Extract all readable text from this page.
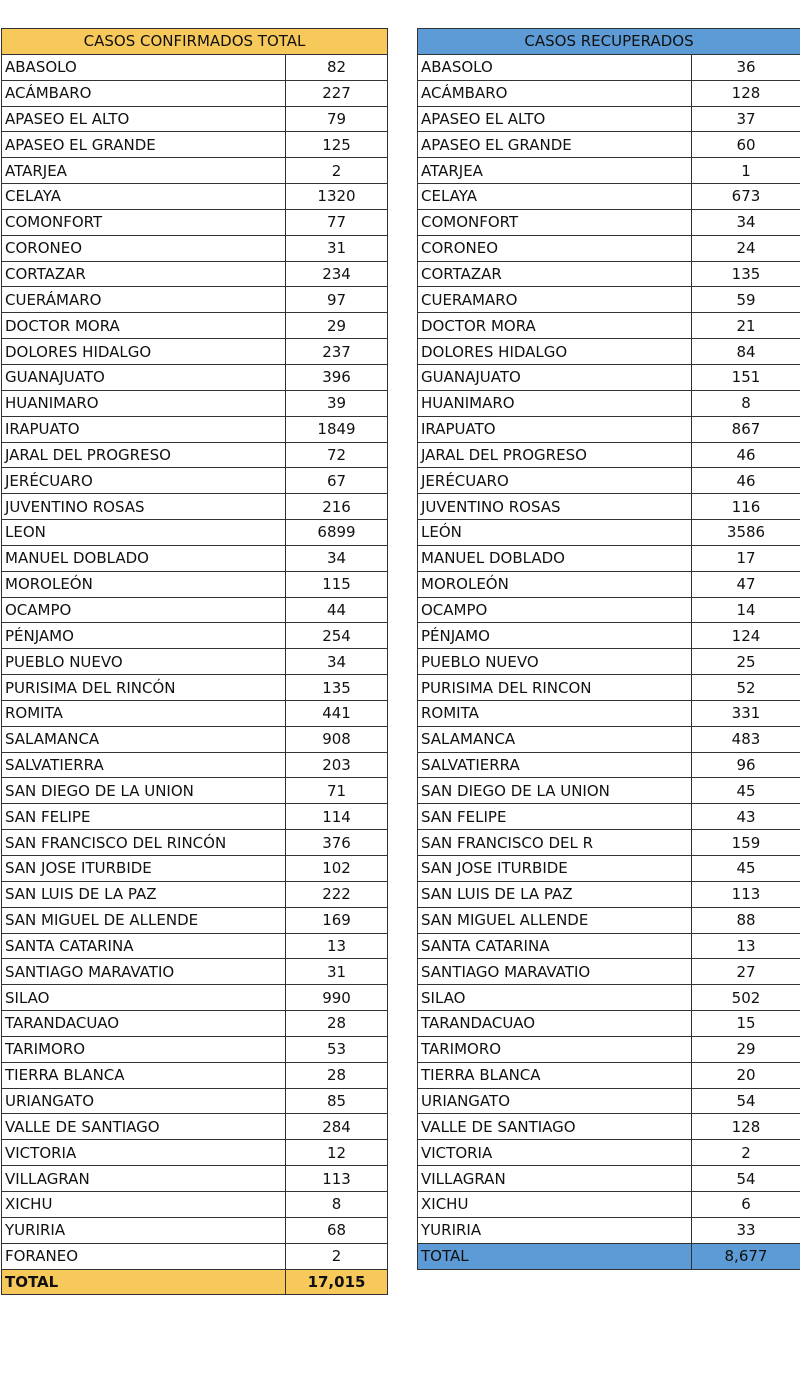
CASOS CONFIRMADOS TOTAL	
ABASOLO	82
ACÁMBARO	227
APASEO EL ALTO	79
APASEO EL GRANDE	125
ATARJEA	2
CELAYA	1320
COMONFORT	77
CORONEO	31
CORTAZAR	234
CUERÁMARO	97
DOCTOR MORA	29
DOLORES HIDALGO	237
GUANAJUATO	396
HUANIMARO	39
IRAPUATO	1849
JARAL DEL PROGRESO	72
JERÉCUARO	67
JUVENTINO ROSAS	216
LEON	6899
MANUEL DOBLADO	34
MOROLEÓN	115
OCAMPO	44
PÉNJAMO	254
PUEBLO NUEVO	34
PURISIMA DEL RINCÓN	135
ROMITA	441
SALAMANCA	908
SALVATIERRA	203
SAN DIEGO DE LA UNION	71
SAN FELIPE	114
SAN FRANCISCO DEL RINCÓN	376
SAN JOSE ITURBIDE	102
SAN LUIS DE LA PAZ	222
SAN MIGUEL DE ALLENDE	169
SANTA CATARINA	13
SANTIAGO MARAVATIO	31
SILAO	990
TARANDACUAO	28
TARIMORO	53
TIERRA BLANCA	28
URIANGATO	85
VALLE DE SANTIAGO	284
VICTORIA	12
VILLAGRAN	113
XICHU	8
YURIRIA	68
FORANEO	2
TOTAL	17,015
CASOS RECUPERADOS	
ABASOLO	36
ACÁMBARO	128
APASEO EL ALTO	37
APASEO EL GRANDE	60
ATARJEA	1
CELAYA	673
COMONFORT	34
CORONEO	24
CORTAZAR	135
CUERAMARO	59
DOCTOR MORA	21
DOLORES HIDALGO	84
GUANAJUATO	151
HUANIMARO	8
IRAPUATO	867
JARAL DEL PROGRESO	46
JERÉCUARO	46
JUVENTINO ROSAS	116
LEÓN	3586
MANUEL DOBLADO	17
MOROLEÓN	47
OCAMPO	14
PÉNJAMO	124
PUEBLO NUEVO	25
PURISIMA DEL RINCON	52
ROMITA	331
SALAMANCA	483
SALVATIERRA	96
SAN DIEGO DE LA UNION	45
SAN FELIPE	43
SAN FRANCISCO DEL R	159
SAN JOSE ITURBIDE	45
SAN LUIS DE LA PAZ	113
SAN MIGUEL ALLENDE	88
SANTA CATARINA	13
SANTIAGO MARAVATIO	27
SILAO	502
TARANDACUAO	15
TARIMORO	29
TIERRA BLANCA	20
URIANGATO	54
VALLE DE SANTIAGO	128
VICTORIA	2
VILLAGRAN	54
XICHU	6
YURIRIA	33
TOTAL	8,677
